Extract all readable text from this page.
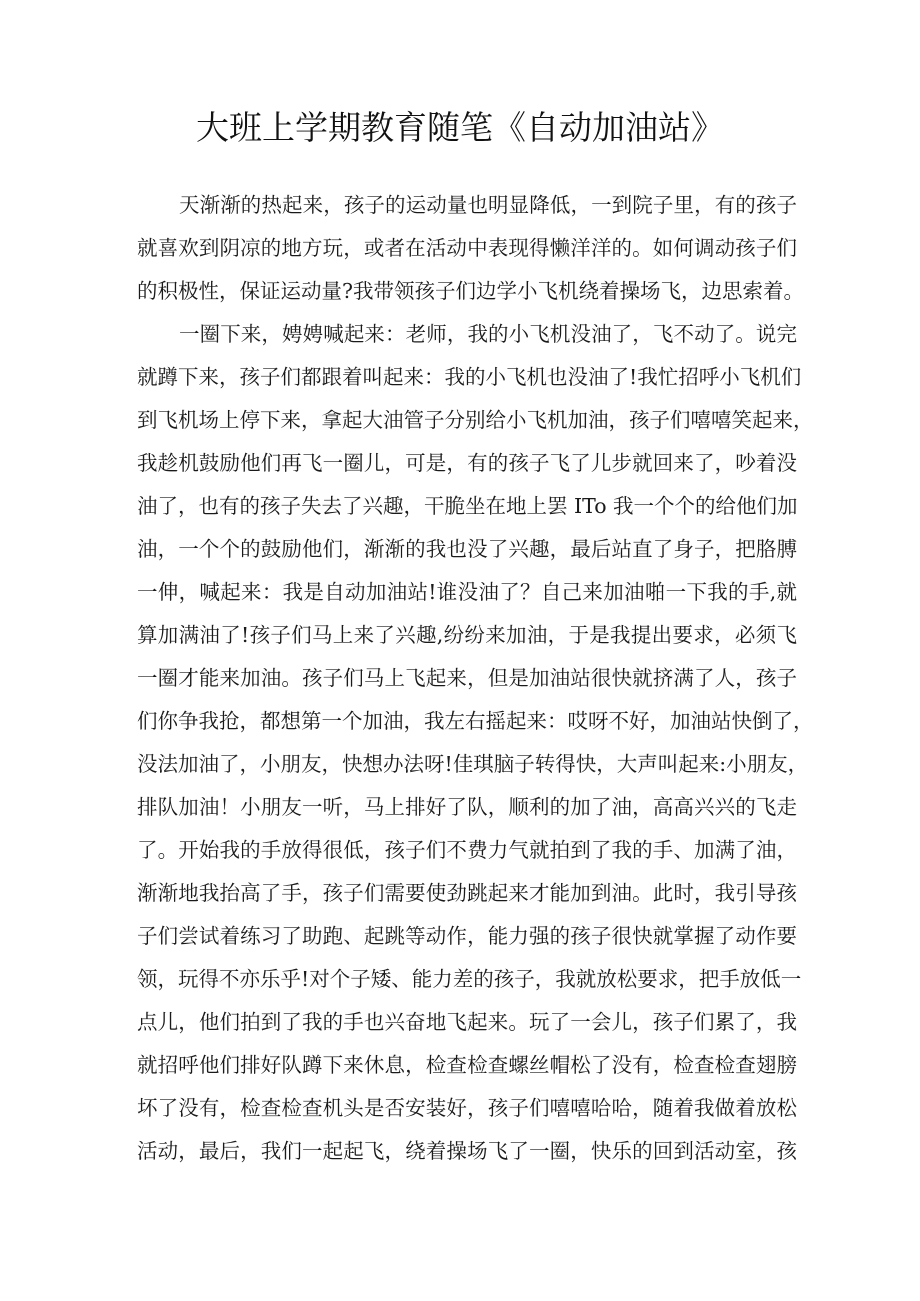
大班上学期教育随笔《自动加油站》
天渐渐的热起来，孩子的运动量也明显降低，一到院子里，有的孩子
就喜欢到阴凉的地方玩，或者在活动中表现得懒洋洋的。如何调动孩子们
的积极性，保证运动量?我带领孩子们边学小飞机绕着操场飞，边思索着。
一圈下来，娉娉喊起来：老师，我的小飞机没油了，飞不动了。说完
就蹲下来，孩子们都跟着叫起来：我的小飞机也没油了!我忙招呼小飞机们
到飞机场上停下来，拿起大油管子分别给小飞机加油，孩子们嘻嘻笑起来，
我趁机鼓励他们再飞一圈儿，可是，有的孩子飞了儿步就回来了，吵着没
油了，也有的孩子失去了兴趣，干脆坐在地上罢 ITo 我一个个的给他们加
油，一个个的鼓励他们，渐渐的我也没了兴趣，最后站直了身子，把胳膊
一伸，喊起来：我是自动加油站!谁没油了？自己来加油啪一下我的手,就
算加满油了!孩子们马上来了兴趣,纷纷来加油，于是我提出要求，必须飞
一圈才能来加油。孩子们马上飞起来，但是加油站很快就挤满了人，孩子
们你争我抢，都想第一个加油，我左右摇起来：哎呀不好，加油站快倒了，
没法加油了，小朋友，快想办法呀!佳琪脑子转得快，大声叫起来:小朋友，
排队加油！小朋友一听，马上排好了队，顺利的加了油，高高兴兴的飞走
了。开始我的手放得很低，孩子们不费力气就拍到了我的手、加满了油，
渐渐地我抬高了手，孩子们需要使劲跳起来才能加到油。此时，我引导孩
子们尝试着练习了助跑、起跳等动作，能力强的孩子很快就掌握了动作要
领，玩得不亦乐乎!对个子矮、能力差的孩子，我就放松要求，把手放低一
点儿，他们拍到了我的手也兴奋地飞起来。玩了一会儿，孩子们累了，我
就招呼他们排好队蹲下来休息，检查检查螺丝帽松了没有，检查检查翅膀
坏了没有，检查检查机头是否安装好，孩子们嘻嘻哈哈，随着我做着放松
活动，最后，我们一起起飞，绕着操场飞了一圈，快乐的回到活动室，孩
